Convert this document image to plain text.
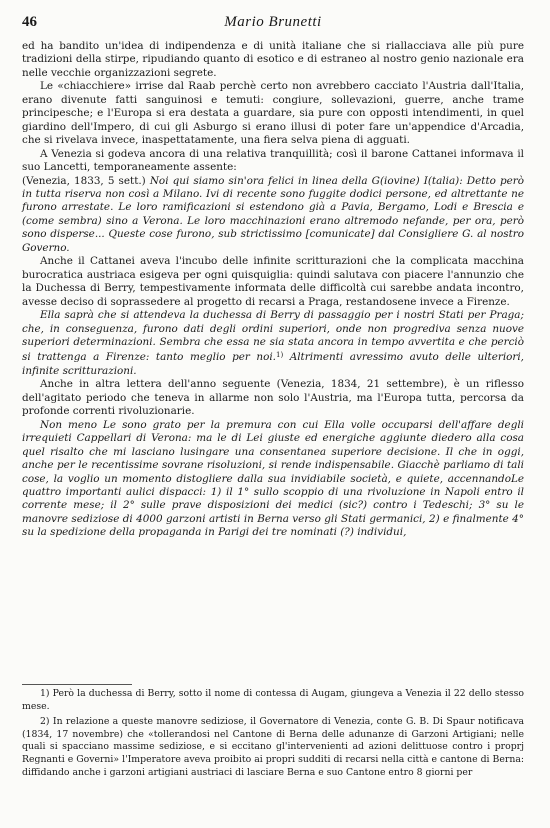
46	Mario Brunetti

ed ha bandito un'idea di indipendenza e di unità italiane che si riallacciava alle più pure tradizioni della stirpe, ripudiando quanto di esotico e di estraneo al nostro genio nazionale era nelle vecchie organizzazioni segrete.

Le «chiacchiere» irrise dal Raab perchè certo non avrebbero cacciato l'Austria dall'Italia, erano divenute fatti sanguinosi e temuti: congiure, sollevazioni, guerre, anche trame principesche; e l'Europa si era destata a guardare, sia pure con opposti intendimenti, in quel giardino dell'Impero, di cui gli Asburgo si erano illusi di poter fare un'appendice d'Arcadia, che si rivelava invece, inaspettatamente, una fiera selva piena di agguati.

A Venezia si godeva ancora di una relativa tranquillità; così il barone Cattanei informava il suo Lancetti, temporaneamente assente:

(Venezia, 1833, 5 sett.) Noi qui siamo sin'ora felici in linea della G(iovine) I(talia): Detto però in tutta riserva non così a Milano. Ivi di recente sono fuggite dodici persone, ed altrettante ne furono arrestate. Le loro ramificazioni si estendono già a Pavia, Bergamo, Lodi e Brescia e (come sembra) sino a Verona. Le loro macchinazioni erano altremodo nefande, per ora, però sono disperse... Queste cose furono, sub strictissimo [comunicate] dal Consigliere G. al nostro Governo.

Anche il Cattanei aveva l'incubo delle infinite scritturazioni che la complicata macchina burocratica austriaca esigeva per ogni quisquiglia: quindi salutava con piacere l'annunzio che la Duchessa di Berry, tempestivamente informata delle difficoltà cui sarebbe andata incontro, avesse deciso di soprassedere al progetto di recarsi a Praga, restandosene invece a Firenze.

Ella saprà che si attendeva la duchessa di Berry di passaggio per i nostri Stati per Praga; che, in conseguenza, furono dati degli ordini superiori, onde non progrediva senza nuove superiori determinazioni. Sembra che essa ne sia stata ancora in tempo avvertita e che perciò si trattenga a Firenze: tanto meglio per noi.$^{1)}$ Altrimenti avressimo avuto delle ulteriori, infinite scritturazioni.

Anche in altra lettera dell'anno seguente (Venezia, 1834, 21 settembre), è un riflesso dell'agitato periodo che teneva in allarme non solo l'Austria, ma l'Europa tutta, percorsa da profonde correnti rivoluzionarie.

Non meno Le sono grato per la premura con cui Ella volle occuparsi dell'affare degli irrequieti Cappellari di Verona: ma le di Lei giuste ed energiche aggiunte diedero alla cosa quel risalto che mi lasciano lusingare una consentanea superiore decisione. Il che in oggi, anche per le recentissime sovrane risoluzioni, si rende indispensabile. Giacchè parliamo di tali cose, la voglio un momento distogliere dalla sua invidiabile società, e quiete, accennandoLe quattro importanti aulici dispacci: 1) il 1° sullo scoppio di una rivoluzione in Napoli entro il corrente mese; il 2° sulle prave disposizioni dei medici (sic?) contro i Tedeschi; 3° su le manovre sediziose di 4000 garzoni artisti in Berna verso gli Stati germanici, 2) e finalmente 4° su la spedizione della propaganda in Parigi dei tre nominati (?) individui,

1) Però la duchessa di Berry, sotto il nome di contessa di Augam, giungeva a Venezia il 22 dello stesso mese.

2) In relazione a queste manovre sediziose, il Governatore di Venezia, conte G. B. Di Spaur notificava (1834, 17 novembre) che «tollerandosi nel Cantone di Berna delle adunanze di Garzoni Artigiani; nelle quali si spacciano massime sediziose, e si eccitano gl'intervenienti ad azioni delittuose contro i proprj Regnanti e Governi» l'Imperatore aveva proibito ai propri sudditi di recarsi nella città e cantone di Berna: diffidando anche i garzoni artigiani austriaci di lasciare Berna e suo Cantone entro 8 giorni per
